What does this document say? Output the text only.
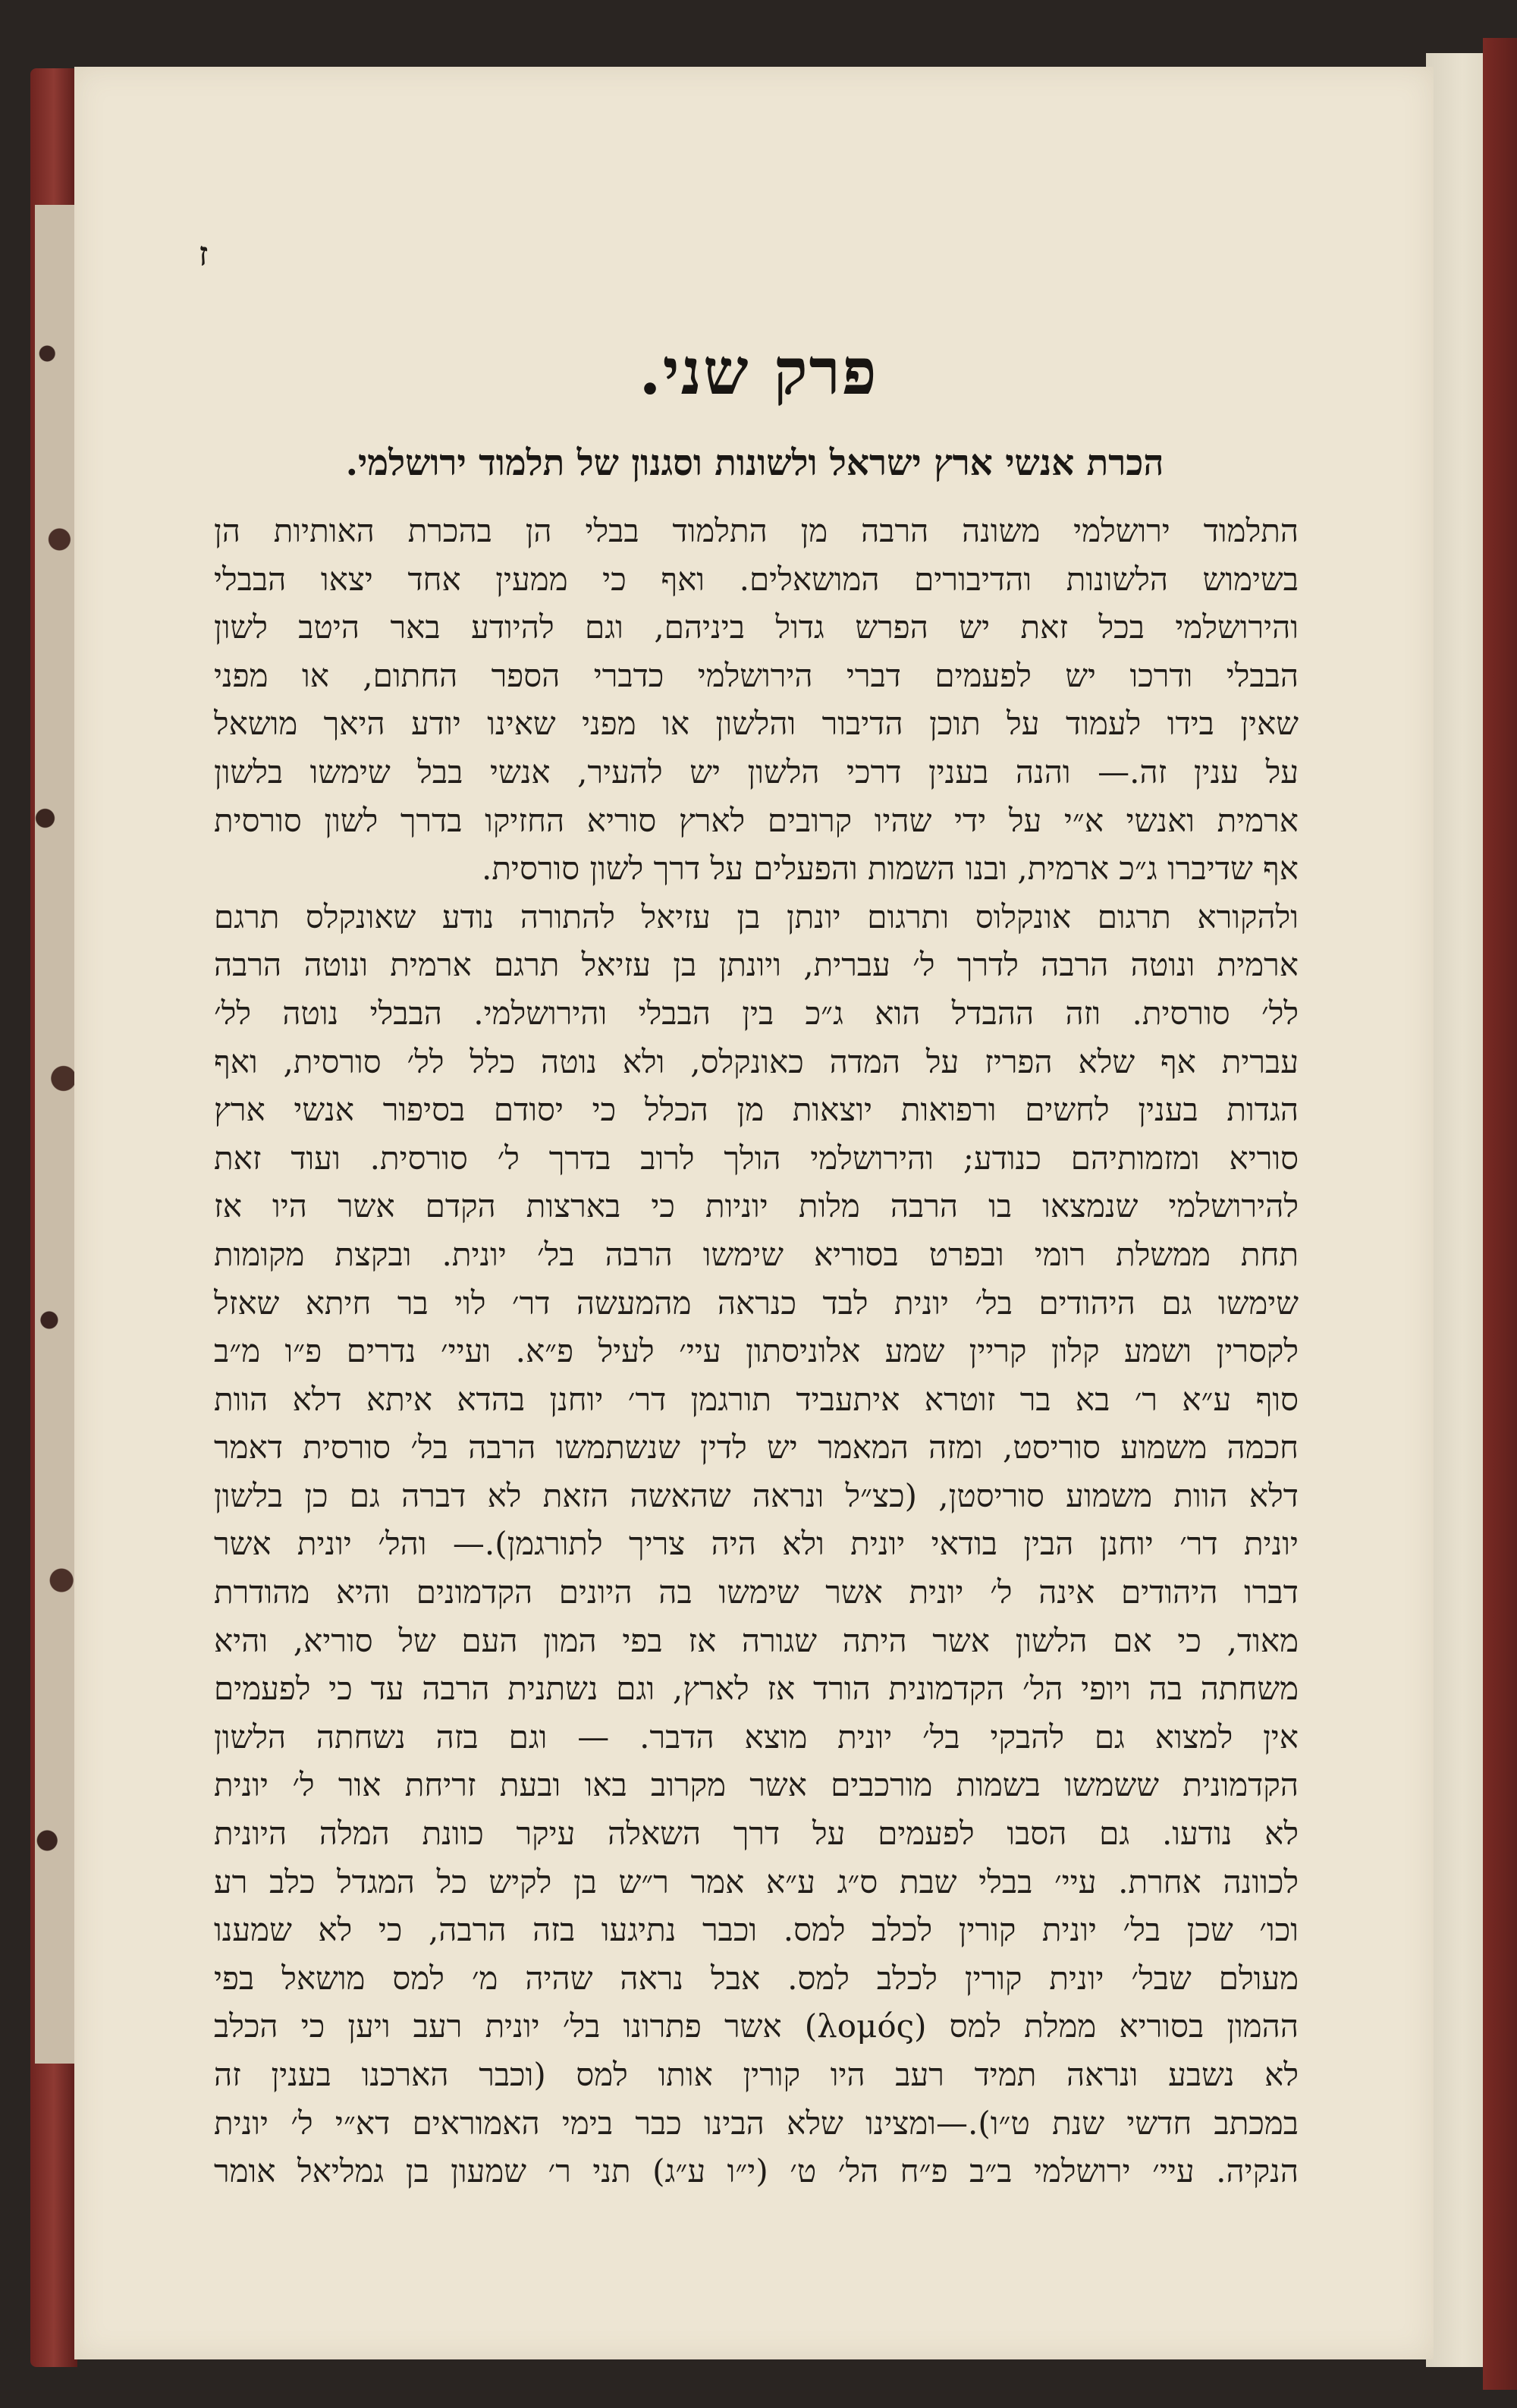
ז
פרק שני.
הכרת אנשי ארץ ישראל ולשונות וסגנון של תלמוד ירושלמי.
התלמוד ירושלמי משונה הרבה מן התלמוד בבלי הן בהכרת האותיות הן
בשימוש הלשונות והדיבורים המושאלים. ואף כי ממעין אחד יצאו הבבלי
והירושלמי בכל זאת יש הפרש גדול ביניהם, וגם להיודע באר היטב לשון
הבבלי ודרכו יש לפעמים דברי הירושלמי כדברי הספר החתום, או מפני
שאין בידו לעמוד על תוכן הדיבור והלשון או מפני שאינו יודע היאך מושאל
על ענין זה.— והנה בענין דרכי הלשון יש להעיר, אנשי בבל שימשו בלשון
ארמית ואנשי א״י על ידי שהיו קרובים לארץ סוריא החזיקו בדרך לשון סורסית
אף שדיברו ג״כ ארמית, ובנו השמות והפעלים על דרך לשון סורסית.
ולהקורא תרגום אונקלוס ותרגום יונתן בן עזיאל להתורה נודע שאונקלס תרגם
ארמית ונוטה הרבה לדרך ל׳ עברית, ויונתן בן עזיאל תרגם ארמית ונוטה הרבה
לל׳ סורסית. וזה ההבדל הוא ג״כ בין הבבלי והירושלמי. הבבלי נוטה לל׳
עברית אף שלא הפריז על המדה כאונקלס, ולא נוטה כלל לל׳ סורסית, ואף
הגדות בענין לחשים ורפואות יוצאות מן הכלל כי יסודם בסיפור אנשי ארץ
סוריא ומזמותיהם כנודע; והירושלמי הולך לרוב בדרך ל׳ סורסית. ועוד זאת
להירושלמי שנמצאו בו הרבה מלות יוניות כי בארצות הקדם אשר היו אז
תחת ממשלת רומי ובפרט בסוריא שימשו הרבה בל׳ יונית. ובקצת מקומות
שימשו גם היהודים בל׳ יונית לבד כנראה מהמעשה דר׳ לוי בר חיתא שאזל
לקסרין ושמע קלון קריין שמע אלוניסתון עיי׳ לעיל פ״א. ועיי׳ נדרים פ״ו מ״ב
סוף ע״א ר׳ בא בר זוטרא איתעביד תורגמן דר׳ יוחנן בהדא איתא דלא הוות
חכמה משמוע סוריסט, ומזה המאמר יש לדין שנשתמשו הרבה בל׳ סורסית דאמר
דלא הוות משמוע סוריסטן, (כצ״ל ונראה שהאשה הזאת לא דברה גם כן בלשון
יונית דר׳ יוחנן הבין בודאי יונית ולא היה צריך לתורגמן).— והל׳ יונית אשר
דברו היהודים אינה ל׳ יונית אשר שימשו בה היונים הקדמונים והיא מהודרת
מאוד, כי אם הלשון אשר היתה שגורה אז בפי המון העם של סוריא, והיא
משחתה בה ויופי הל׳ הקדמונית הורד אז לארץ, וגם נשתנית הרבה עד כי לפעמים
אין למצוא גם להבקי בל׳ יונית מוצא הדבר. — וגם בזה נשחתה הלשון
הקדמונית ששמשו בשמות מורכבים אשר מקרוב באו ובעת זריחת אור ל׳ יונית
לא נודעו. גם הסבו לפעמים על דרך השאלה עיקר כוונת המלה היונית
לכוונה אחרת. עיי׳ בבלי שבת ס״ג ע״א אמר ר״ש בן לקיש כל המגדל כלב רע
וכו׳ שכן בל׳ יונית קורין לכלב למס. וכבר נתיגעו בזה הרבה, כי לא שמענו
מעולם שבל׳ יונית קורין לכלב למס. אבל נראה שהיה מ׳ למס מושאל בפי
ההמון בסוריא ממלת למס (λομός) אשר פתרונו בל׳ יונית רעב ויען כי הכלב
לא נשבע ונראה תמיד רעב היו קורין אותו למס (וכבר הארכנו בענין זה
במכתב חדשי שנת ט״ו).—ומצינו שלא הבינו כבר בימי האמוראים דא״י ל׳ יונית
הנקיה. עיי׳ ירושלמי ב״ב פ״ח הל׳ ט׳ (י״ו ע״ג) תני ר׳ שמעון בן גמליאל אומר
